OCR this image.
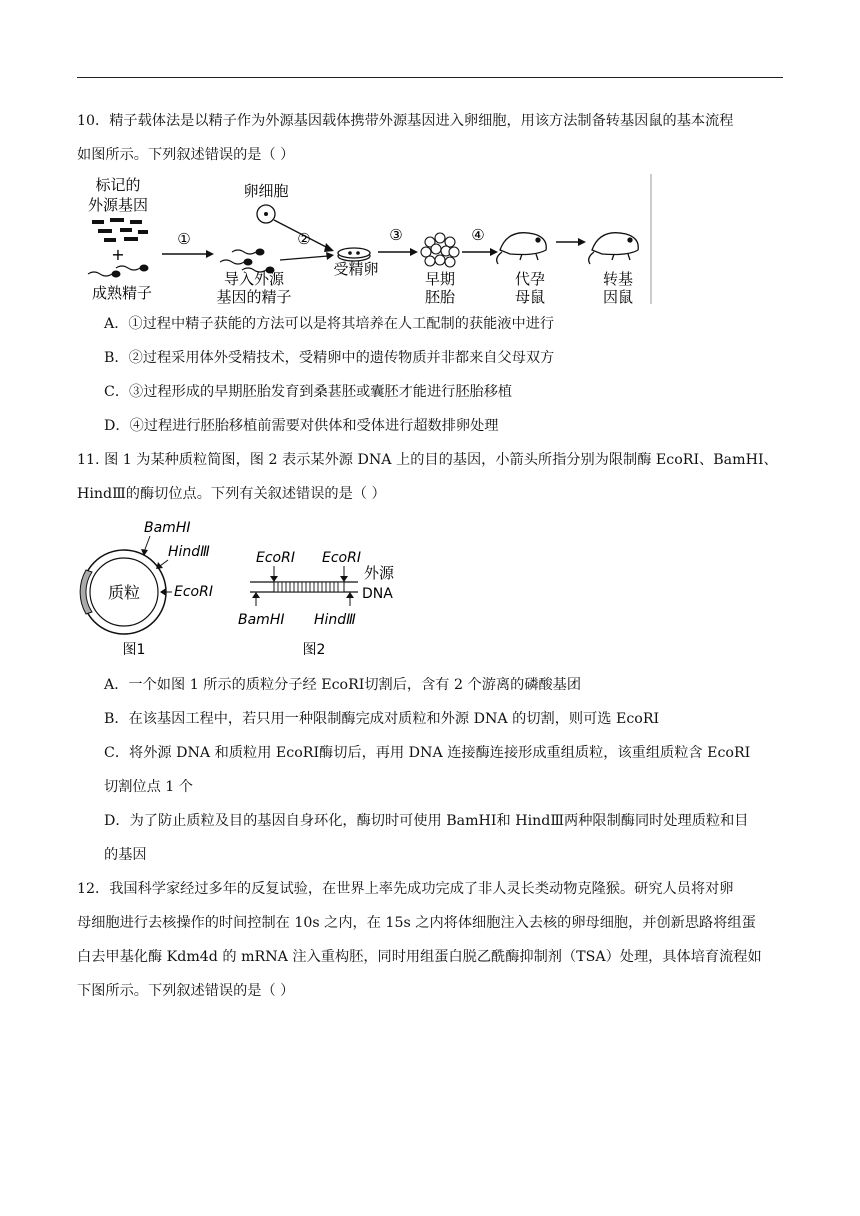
10．精子载体法是以精子作为外源基因载体携带外源基因进入卵细胞，用该方法制备转基因鼠的基本流程
如图所示。下列叙述错误的是（ ）
标记的
外源基因
+
成熟精子
①
导入外源
基因的精子
卵细胞
②
受精卵
③
早期
胚胎
④
代孕
母鼠
转基
因鼠
A．①过程中精子获能的方法可以是将其培养在人工配制的获能液中进行
B．②过程采用体外受精技术，受精卵中的遗传物质并非都来自父母双方
C．③过程形成的早期胚胎发育到桑葚胚或囊胚才能进行胚胎移植
D．④过程进行胚胎移植前需要对供体和受体进行超数排卵处理
11. 图 1 为某种质粒简图，图 2 表示某外源 DNA 上的目的基因，小箭头所指分别为限制酶 EcoRⅠ、BamHⅠ、
HindⅢ的酶切位点。下列有关叙述错误的是（ ）
质粒
BamHⅠ
HindⅢ
EcoRⅠ
图1
EcoRⅠ EcoRⅠ
BamHⅠ HindⅢ
外源
DNA
图2
A．一个如图 1 所示的质粒分子经 EcoRⅠ切割后，含有 2 个游离的磷酸基团
B．在该基因工程中，若只用一种限制酶完成对质粒和外源 DNA 的切割，则可选 EcoRⅠ
C．将外源 DNA 和质粒用 EcoRⅠ酶切后，再用 DNA 连接酶连接形成重组质粒，该重组质粒含 EcoRI
切割位点 1 个
D．为了防止质粒及目的基因自身环化，酶切时可使用 BamHⅠ和 HindⅢ两种限制酶同时处理质粒和目
的基因
12．我国科学家经过多年的反复试验，在世界上率先成功完成了非人灵长类动物克隆猴。研究人员将对卵
母细胞进行去核操作的时间控制在 10s 之内，在 15s 之内将体细胞注入去核的卵母细胞，并创新思路将组蛋
白去甲基化酶 Kdm4d 的 mRNA 注入重构胚，同时用组蛋白脱乙酰酶抑制剂（TSA）处理，具体培育流程如
下图所示。下列叙述错误的是（ ）
